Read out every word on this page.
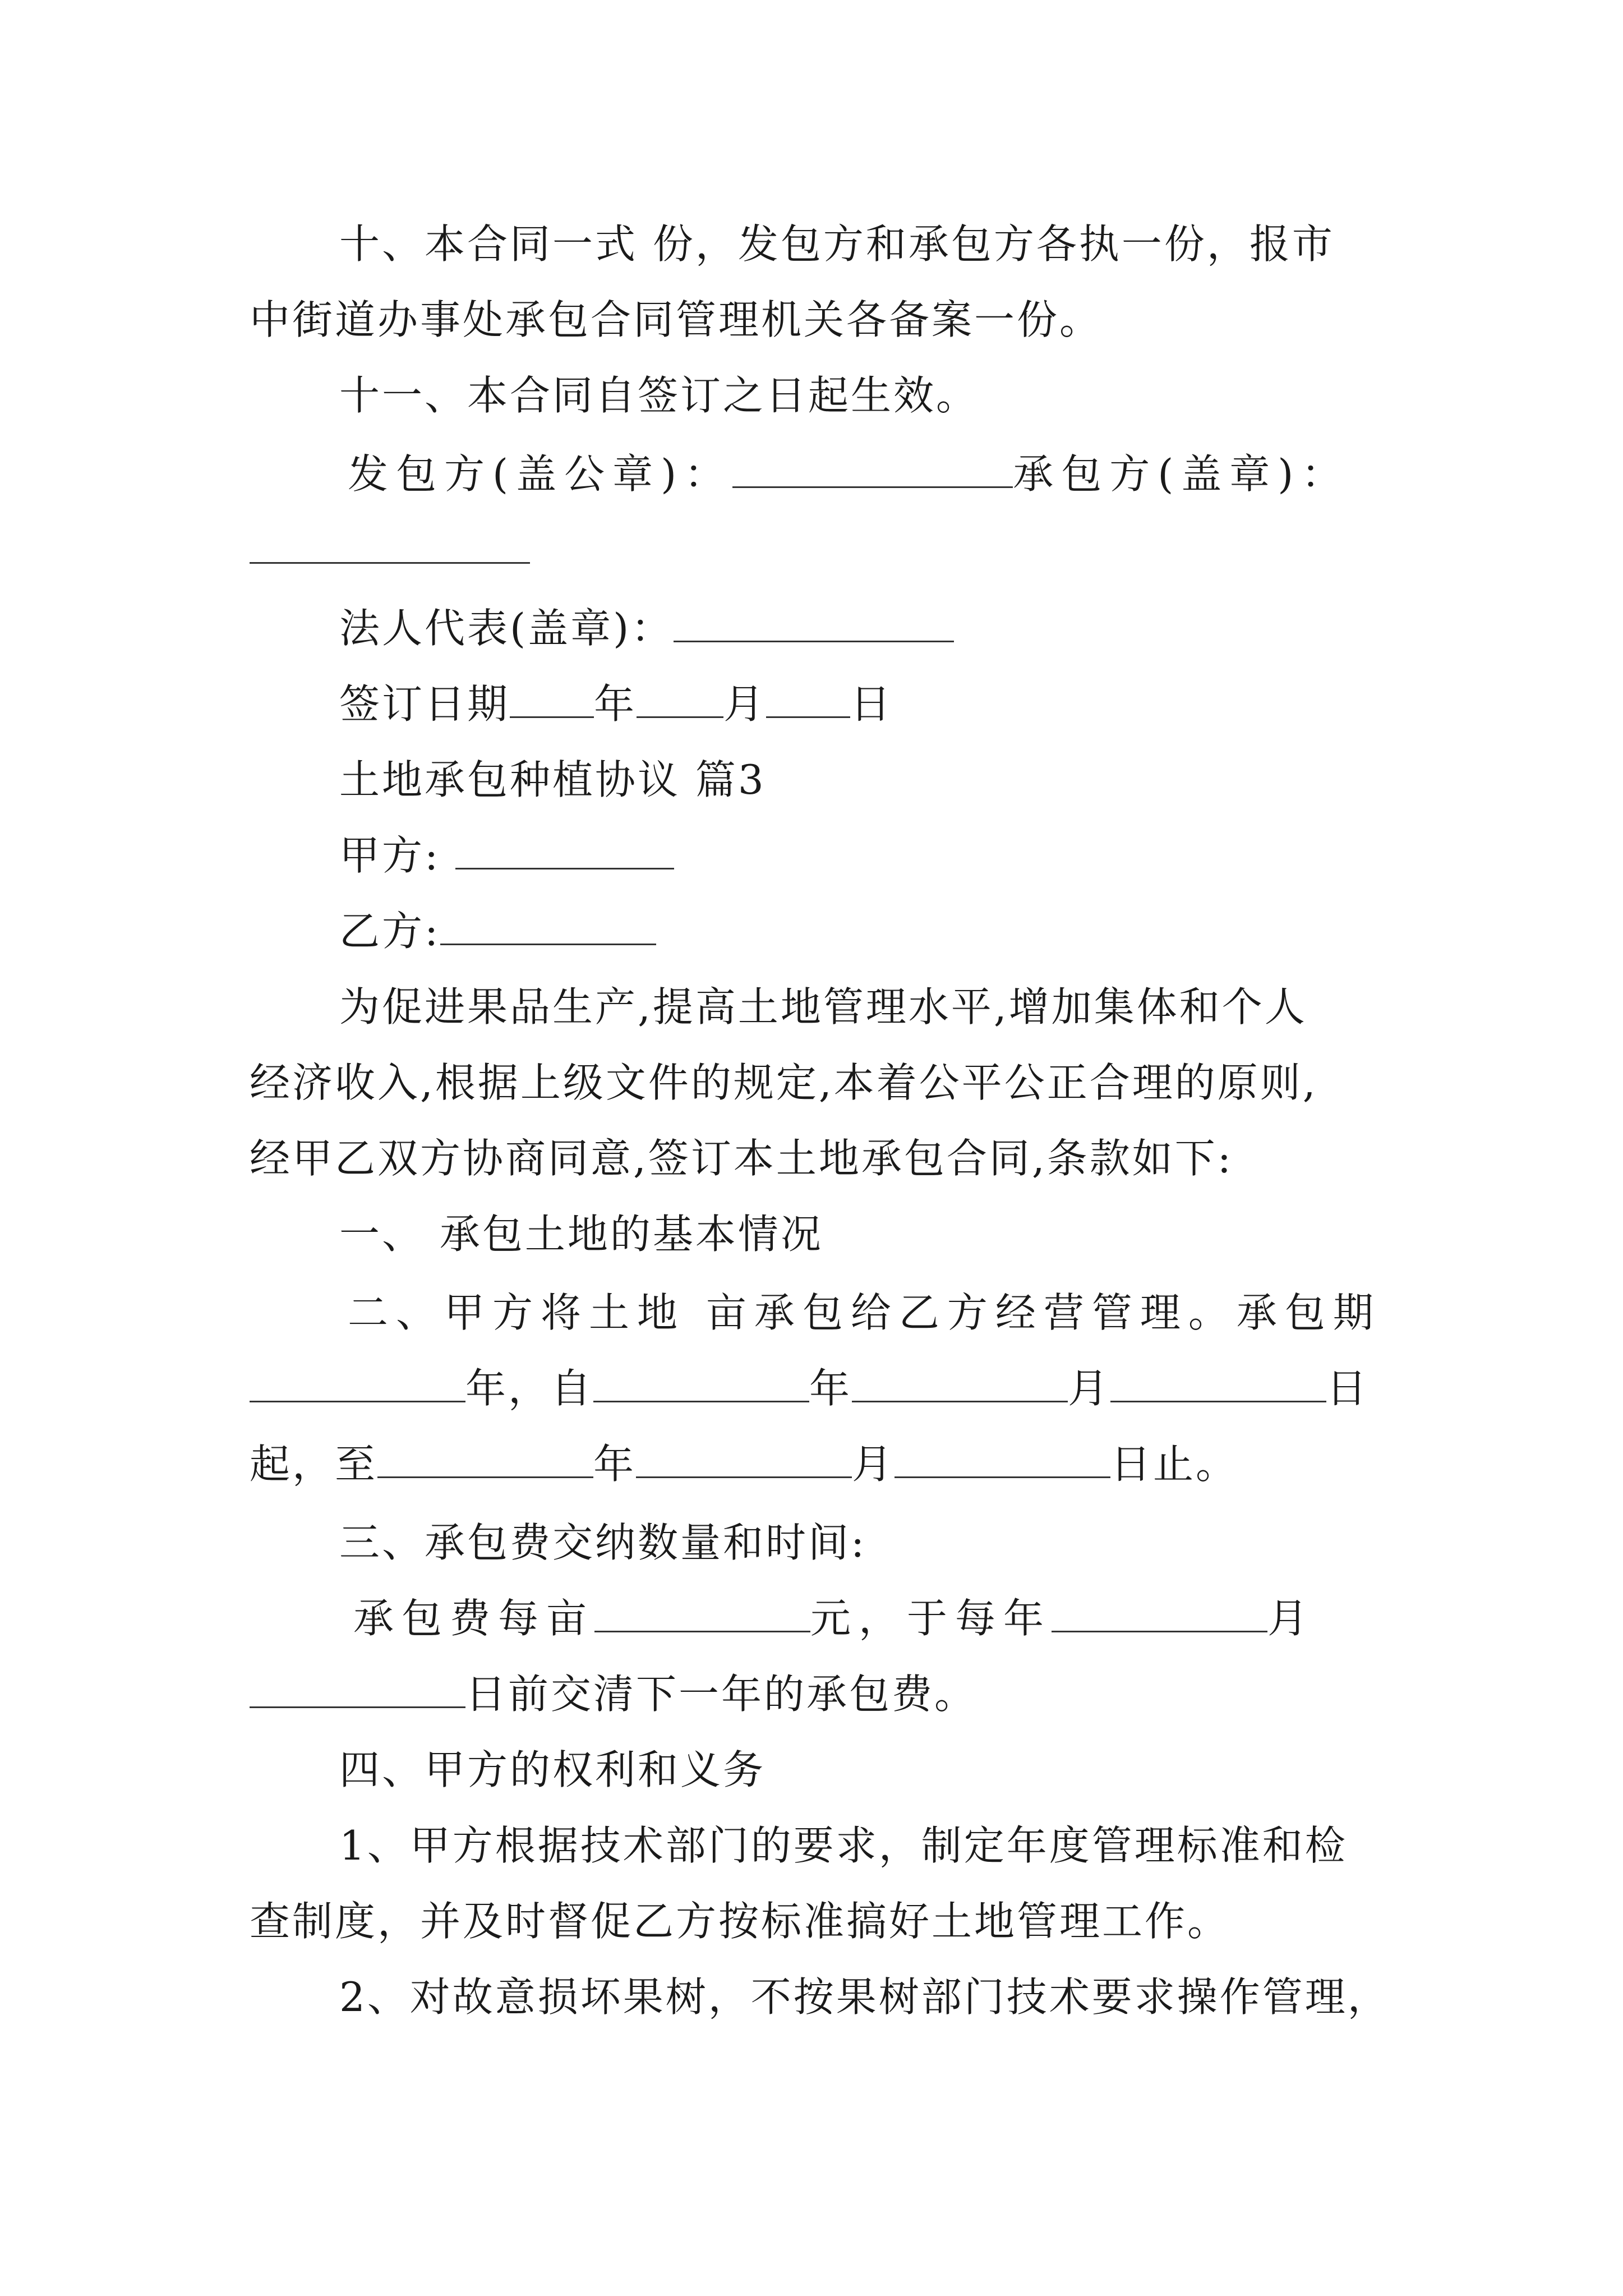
十、本合同一式 份，发包方和承包方各执一份，报市
中街道办事处承包合同管理机关各备案一份。
十一、本合同自签订之日起生效。
发包方(盖公章)：	承包方(盖章)：
法人代表(盖章)：
签订日期 年 月 日
土地承包种植协议 篇3
甲方:
乙方:
为促进果品生产,提高土地管理水平,增加集体和个人
经济收入,根据上级文件的规定,本着公平公正合理的原则,
经甲乙双方协商同意,签订本土地承包合同,条款如下:
一、 承包土地的基本情况
二、甲方将土地 亩承包给乙方经营管理。承包期
年，自	年	月	日
起，至	年	月	日止。
三、承包费交纳数量和时间:
承包费每亩	元，于每年	月
日前交清下一年的承包费。
四、甲方的权利和义务
1、甲方根据技术部门的要求，制定年度管理标准和检
查制度，并及时督促乙方按标准搞好土地管理工作。
2、对故意损坏果树，不按果树部门技术要求操作管理，
